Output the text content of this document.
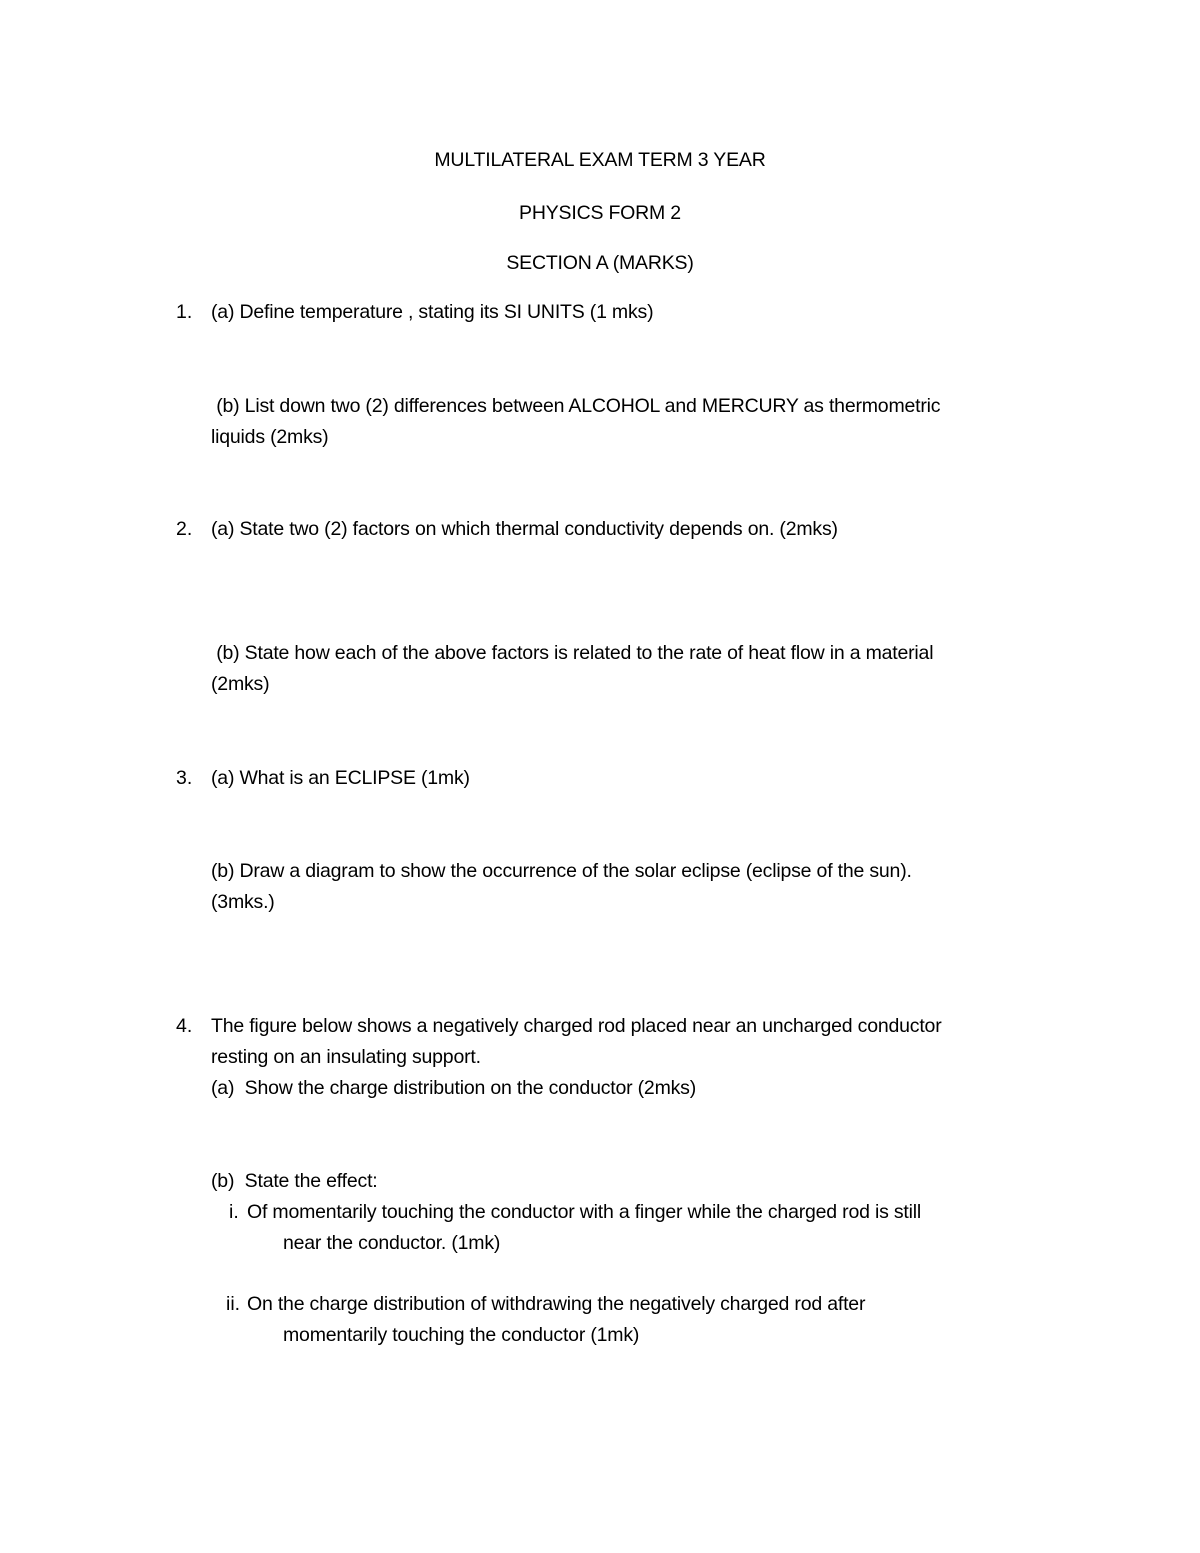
MULTILATERAL EXAM TERM 3 YEAR
PHYSICS FORM 2
SECTION A (MARKS)
1. (a) Define temperature , stating its SI UNITS (1 mks)
(b) List down two (2) differences between ALCOHOL and MERCURY as thermometric
liquids (2mks)
2. (a) State two (2) factors on which thermal conductivity depends on. (2mks)
(b) State how each of the above factors is related to the rate of heat flow in a material
(2mks)
3. (a) What is an ECLIPSE (1mk)
(b) Draw a diagram to show the occurrence of the solar eclipse (eclipse of the sun).
(3mks.)
4. The figure below shows a negatively charged rod placed near an uncharged conductor
resting on an insulating support.
(a)  Show the charge distribution on the conductor (2mks)
(b)  State the effect:
i. Of momentarily touching the conductor with a finger while the charged rod is still
near the conductor. (1mk)
ii. On the charge distribution of withdrawing the negatively charged rod after
momentarily touching the conductor (1mk)
